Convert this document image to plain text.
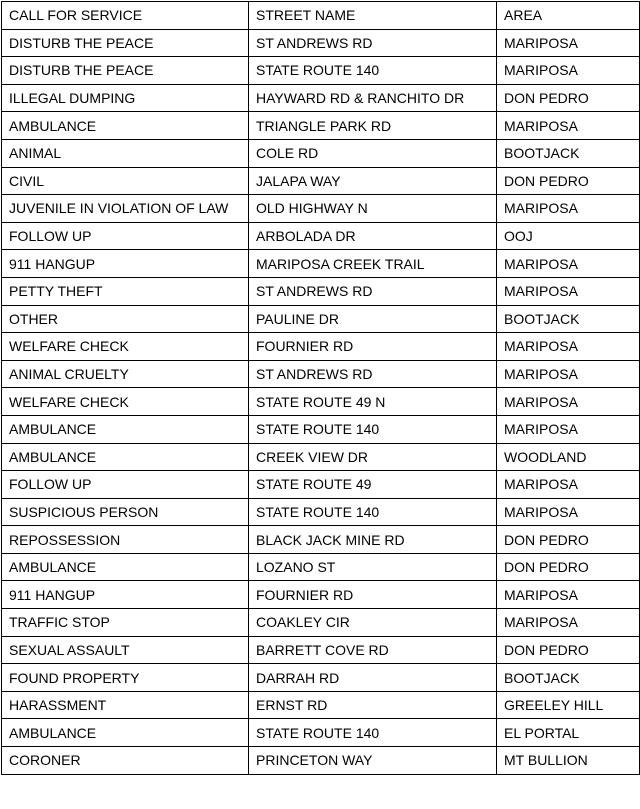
CALL FOR SERVICE	STREET NAME	AREA
DISTURB THE PEACE	ST ANDREWS RD	MARIPOSA
DISTURB THE PEACE	STATE ROUTE 140	MARIPOSA
ILLEGAL DUMPING	HAYWARD RD & RANCHITO DR	DON PEDRO
AMBULANCE	TRIANGLE PARK RD	MARIPOSA
ANIMAL	COLE RD	BOOTJACK
CIVIL	JALAPA WAY	DON PEDRO
JUVENILE IN VIOLATION OF LAW	OLD HIGHWAY N	MARIPOSA
FOLLOW UP	ARBOLADA DR	OOJ
911 HANGUP	MARIPOSA CREEK TRAIL	MARIPOSA
PETTY THEFT	ST ANDREWS RD	MARIPOSA
OTHER	PAULINE DR	BOOTJACK
WELFARE CHECK	FOURNIER RD	MARIPOSA
ANIMAL CRUELTY	ST ANDREWS RD	MARIPOSA
WELFARE CHECK	STATE ROUTE 49 N	MARIPOSA
AMBULANCE	STATE ROUTE 140	MARIPOSA
AMBULANCE	CREEK VIEW DR	WOODLAND
FOLLOW UP	STATE ROUTE 49	MARIPOSA
SUSPICIOUS PERSON	STATE ROUTE 140	MARIPOSA
REPOSSESSION	BLACK JACK MINE RD	DON PEDRO
AMBULANCE	LOZANO ST	DON PEDRO
911 HANGUP	FOURNIER RD	MARIPOSA
TRAFFIC STOP	COAKLEY CIR	MARIPOSA
SEXUAL ASSAULT	BARRETT COVE RD	DON PEDRO
FOUND PROPERTY	DARRAH RD	BOOTJACK
HARASSMENT	ERNST RD	GREELEY HILL
AMBULANCE	STATE ROUTE 140	EL PORTAL
CORONER	PRINCETON WAY	MT BULLION
